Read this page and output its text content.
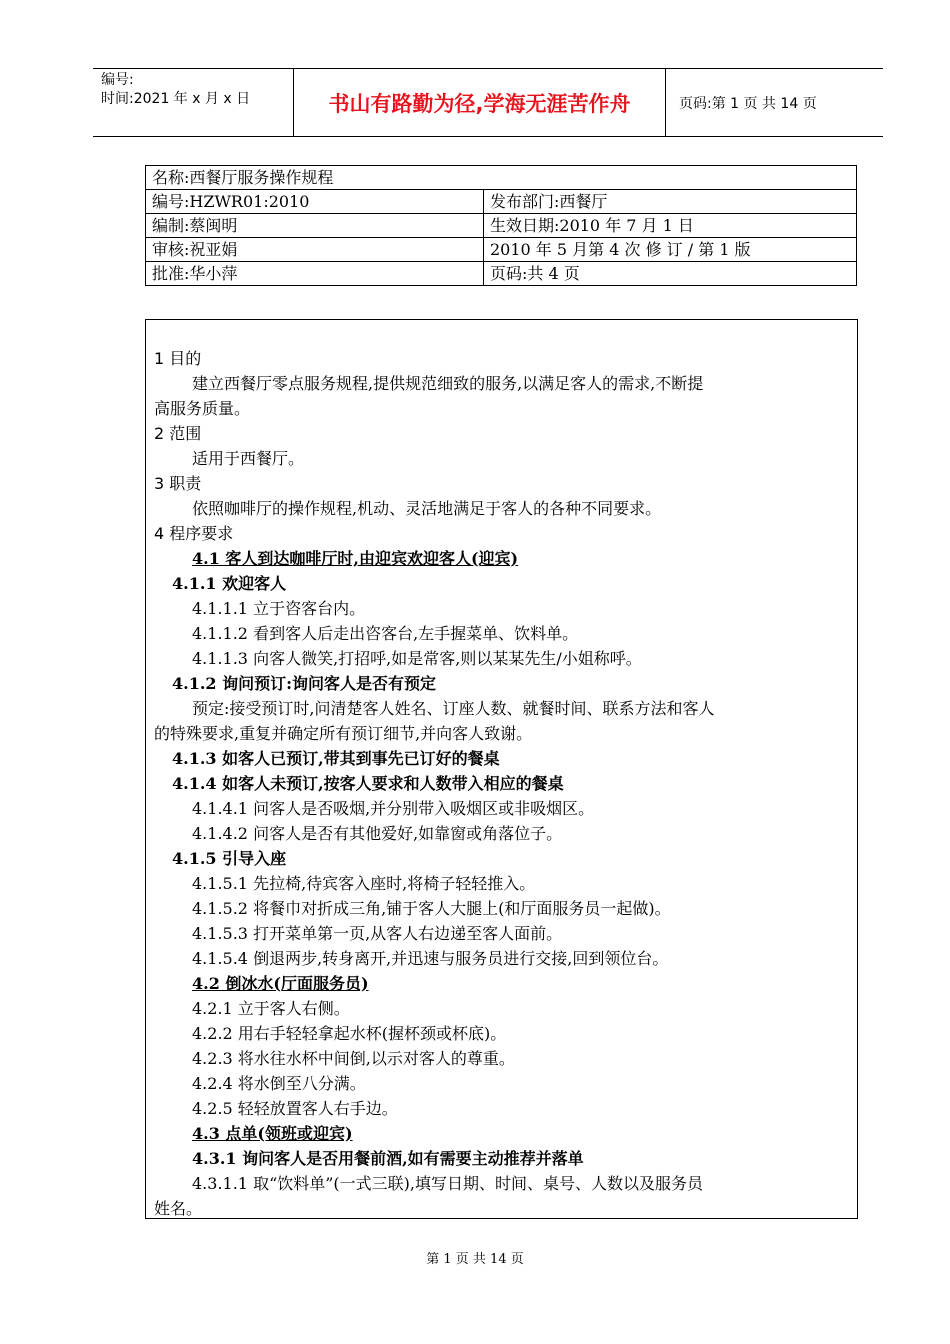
编号:
时间:2021 年 x 月 x 日	书山有路勤为径,学海无涯苦作舟	页码:第 1 页 共 14 页
名称:西餐厅服务操作规程	
编号:HZWR01:2010	发布部门:西餐厅
编制:蔡闽明	生效日期:2010 年 7 月 1 日
审核:祝亚娟	2010 年 5 月第 4 次 修 订 / 第 1 版
批准:华小萍	页码:共 4 页

1 目的

建立西餐厅零点服务规程,提供规范细致的服务,以满足客人的需求,不断提

高服务质量。

2 范围

适用于西餐厅。

3 职责

依照咖啡厅的操作规程,机动、灵活地满足于客人的各种不同要求。

4 程序要求

4.1 客人到达咖啡厅时,由迎宾欢迎客人(迎宾)

4.1.1 欢迎客人

4.1.1.1 立于咨客台内。

4.1.1.2 看到客人后走出咨客台,左手握菜单、饮料单。

4.1.1.3 向客人微笑,打招呼,如是常客,则以某某先生/小姐称呼。

4.1.2 询问预订:询问客人是否有预定

预定:接受预订时,问清楚客人姓名、订座人数、就餐时间、联系方法和客人

的特殊要求,重复并确定所有预订细节,并向客人致谢。

4.1.3 如客人已预订,带其到事先已订好的餐桌

4.1.4 如客人未预订,按客人要求和人数带入相应的餐桌

4.1.4.1 问客人是否吸烟,并分别带入吸烟区或非吸烟区。

4.1.4.2 问客人是否有其他爱好,如靠窗或角落位子。

4.1.5 引导入座

4.1.5.1 先拉椅,待宾客入座时,将椅子轻轻推入。

4.1.5.2 将餐巾对折成三角,铺于客人大腿上(和厅面服务员一起做)。

4.1.5.3 打开菜单第一页,从客人右边递至客人面前。

4.1.5.4 倒退两步,转身离开,并迅速与服务员进行交接,回到领位台。

4.2 倒冰水(厅面服务员)

4.2.1 立于客人右侧。

4.2.2 用右手轻轻拿起水杯(握杯颈或杯底)。

4.2.3 将水往水杯中间倒,以示对客人的尊重。

4.2.4 将水倒至八分满。

4.2.5 轻轻放置客人右手边。

4.3 点单(领班或迎宾)

4.3.1 询问客人是否用餐前酒,如有需要主动推荐并落单

4.3.1.1 取“饮料单”(一式三联),填写日期、时间、桌号、人数以及服务员

姓名。

第 1 页 共 14 页
